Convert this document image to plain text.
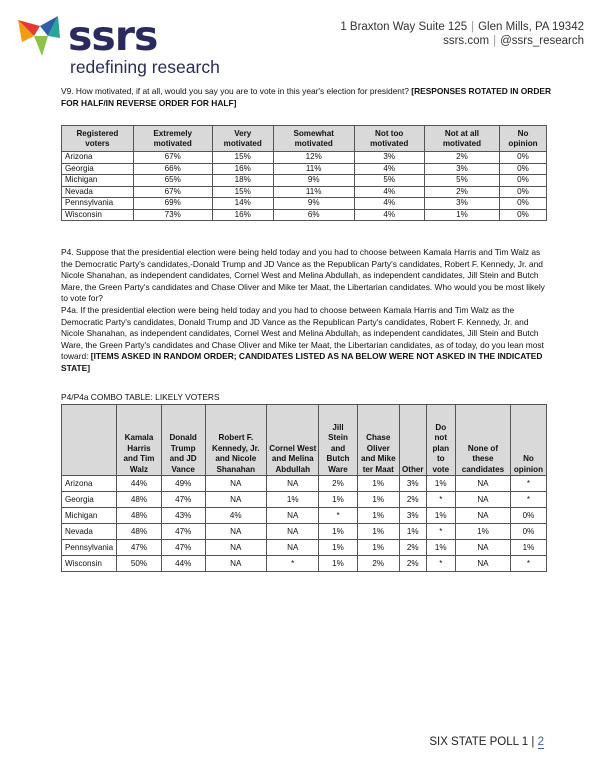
ssrs
redefining research
1 Braxton Way Suite 125 | Glen Mills, PA 19342
ssrs.com | @ssrs_research
V9. How motivated, if at all, would you say you are to vote in this year's election for president? [RESPONSES ROTATED IN ORDER FOR HALF/IN REVERSE ORDER FOR HALF]
Registered voters	Extremely motivated	Very motivated	Somewhat motivated	Not too motivated	Not at all motivated	No opinion
Arizona	67%	15%	12%	3%	2%	0%
Georgia	66%	16%	11%	4%	3%	0%
Michigan	65%	18%	9%	5%	5%	0%
Nevada	67%	15%	11%	4%	2%	0%
Pennsylvania	69%	14%	9%	4%	3%	0%
Wisconsin	73%	16%	6%	4%	1%	0%
P4. Suppose that the presidential election were being held today and you had to choose between Kamala Harris and Tim Walz as the Democratic Party's candidates,-Donald Trump and JD Vance as the Republican Party's candidates, Robert F. Kennedy, Jr. and Nicole Shanahan, as independent candidates, Cornel West and Melina Abdullah, as independent candidates, Jill Stein and Butch Mare, the Green Party's candidates and Chase Oliver and Mike ter Maat, the Libertarian candidates. Who would you be most likely to vote for?
P4a. If the presidential election were being held today and you had to choose between Kamala Harris and Tim Walz as the Democratic Party's candidates, Donald Trump and JD Vance as the Republican Party's candidates, Robert F. Kennedy, Jr. and Nicole Shanahan, as independent candidates, Cornel West and Melina Abdullah, as independent candidates, Jill Stein and Butch Ware, the Green Party's candidates and Chase Oliver and Mike ter Maat, the Libertarian candidates, as of today, do you lean most toward: [ITEMS ASKED IN RANDOM ORDER; CANDIDATES LISTED AS NA BELOW WERE NOT ASKED IN THE INDICATED STATE]
P4/P4a COMBO TABLE: LIKELY VOTERS
	Kamala Harris and Tim Walz	Donald Trump and JD Vance	Robert F. Kennedy, Jr. and Nicole Shanahan	Cornel West and Melina Abdullah	Jill Stein and Butch Ware	Chase Oliver and Mike ter Maat	Other	Do not plan to vote	None of these candidates	No opinion
Arizona	44%	49%	NA	NA	2%	1%	3%	1%	NA	*
Georgia	48%	47%	NA	1%	1%	1%	2%	*	NA	*
Michigan	48%	43%	4%	NA	*	1%	3%	1%	NA	0%
Nevada	48%	47%	NA	NA	1%	1%	1%	*	1%	0%
Pennsylvania	47%	47%	NA	NA	1%	1%	2%	1%	NA	1%
Wisconsin	50%	44%	NA	*	1%	2%	2%	*	NA	*
SIX STATE POLL 1 | 2
